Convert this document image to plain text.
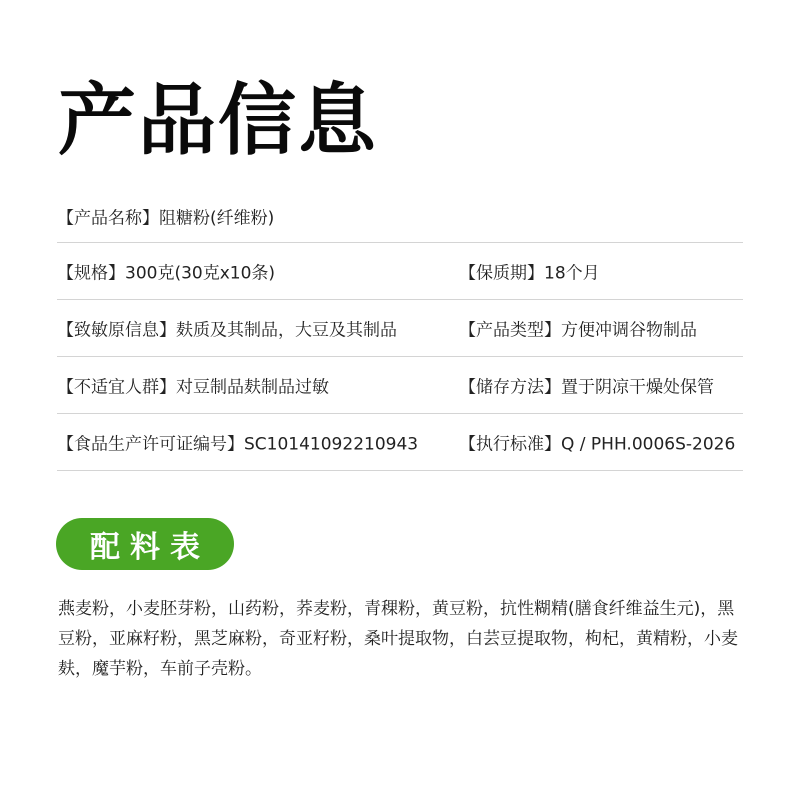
产品信息
【产品名称】阻糖粉(纤维粉)
【规格】300克(30克x10条)	【保质期】18个月
【致敏原信息】麸质及其制品，大豆及其制品	【产品类型】方便冲调谷物制品
【不适宜人群】对豆制品麸制品过敏	【储存方法】置于阴凉干燥处保管
【食品生产许可证编号】SC10141092210943 【执行标准】Q / PHH.0006S-2026
配料表
燕麦粉，小麦胚芽粉，山药粉，荞麦粉，青稞粉，黄豆粉，抗性糊精(膳食纤维益生元)，黑豆粉，亚麻籽粉，黑芝麻粉，奇亚籽粉，桑叶提取物，白芸豆提取物，枸杞，黄精粉，小麦麸，魔芋粉，车前子壳粉。
